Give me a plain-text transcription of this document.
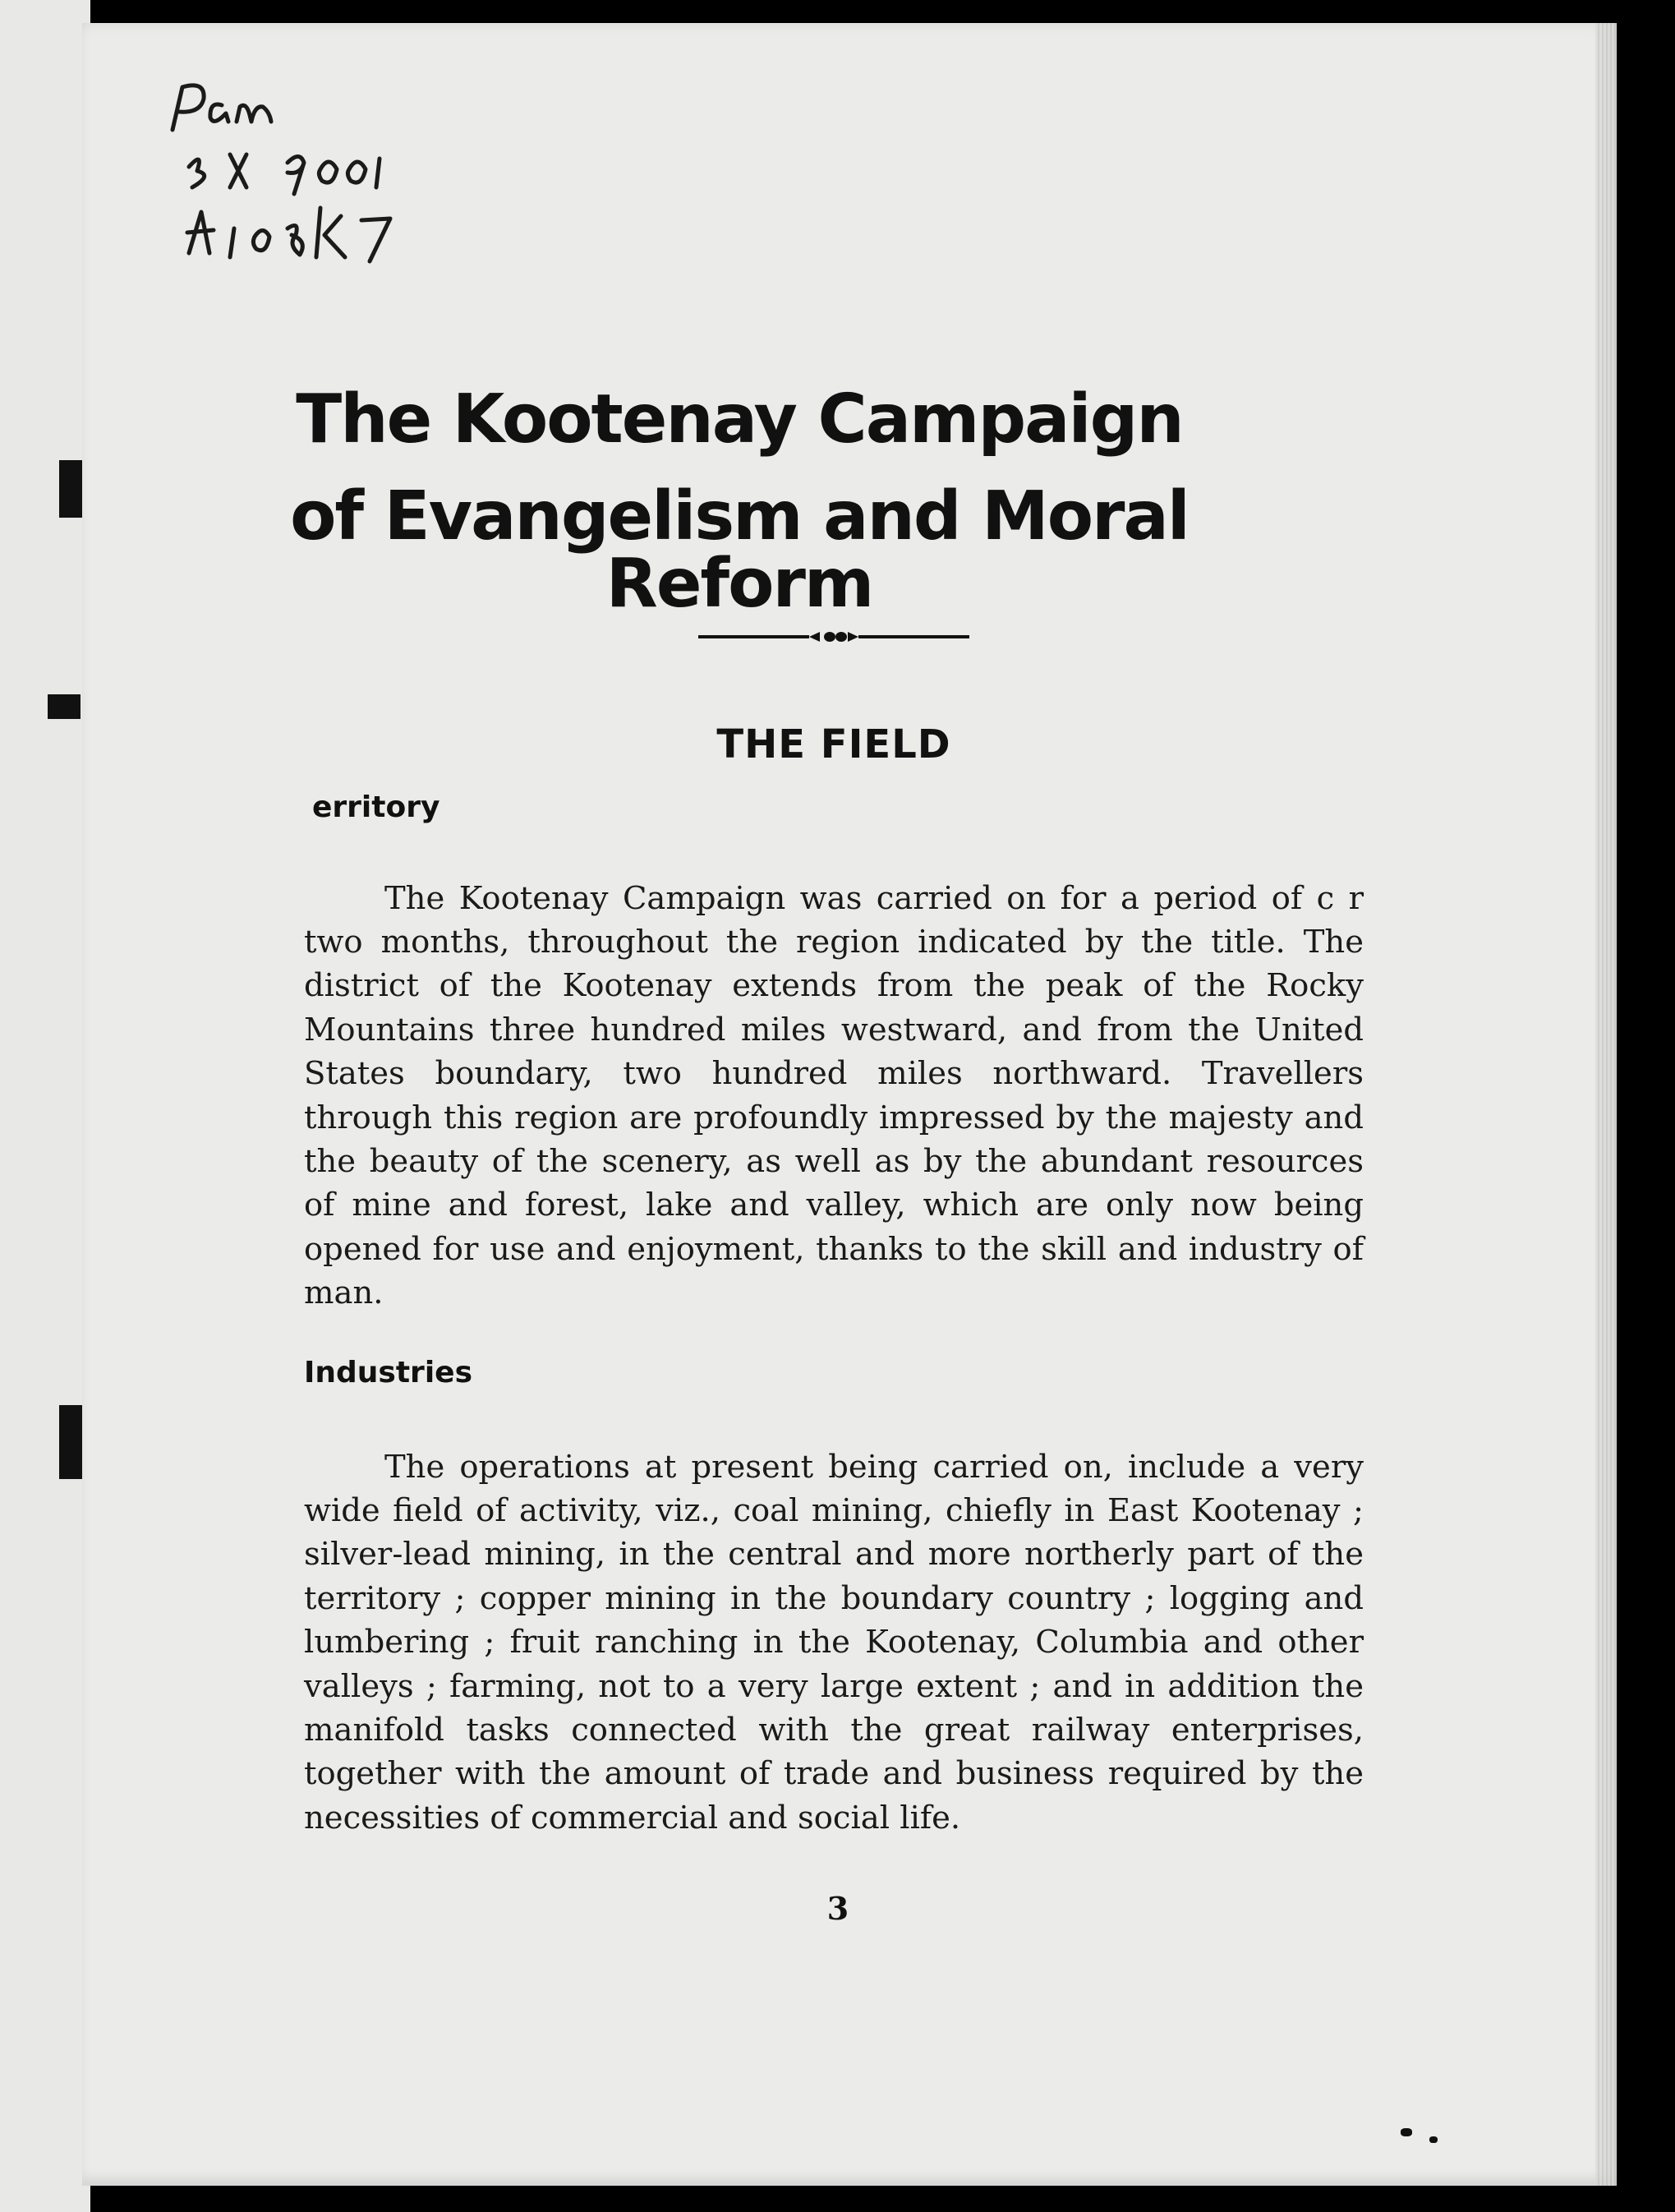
The Kootenay Campaign
of Evangelism and Moral Reform
THE FIELD
erritory

The Kootenay Campaign was carried on for a period of c r two months, throughout the region indicated by the title. The district of the Kootenay extends from the peak of the Rocky Mountains three hundred miles westward, and from the United States boundary, two hundred miles northward. Travellers through this region are profoundly impressed by the majesty and the beauty of the scenery, as well as by the abundant resources of mine and forest, lake and valley, which are only now being opened for use and enjoyment, thanks to the skill and industry of man.

Industries

The operations at present being carried on, include a very wide field of activity, viz., coal mining, chiefly in East Kootenay ; silver-lead mining, in the central and more northerly part of the territory ; copper mining in the boundary country ; logging and lumbering ; fruit ranching in the Kootenay, Columbia and other valleys ; farming, not to a very large extent ; and in addition the manifold tasks connected with the great railway enterprises, together with the amount of trade and business required by the necessities of commercial and social life.

3
